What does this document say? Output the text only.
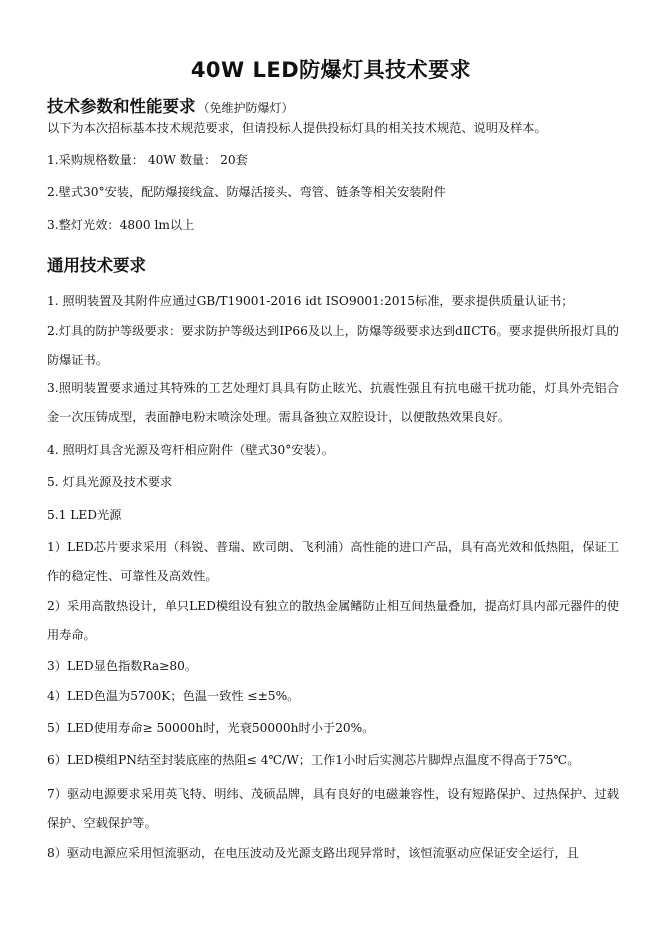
40W LED防爆灯具技术要求
技术参数和性能要求 （免维护防爆灯）
以下为本次招标基本技术规范要求，但请投标人提供投标灯具的相关技术规范、说明及样本。
1.采购规格数量： 40W 数量： 20套
2.壁式30°安装，配防爆接线盒、防爆活接头、弯管、链条等相关安装附件
3.整灯光效：4800 lm以上
通用技术要求
1. 照明装置及其附件应通过GB/T19001-2016 idt ISO9001:2015标准，要求提供质量认证书；
2.灯具的防护等级要求：要求防护等级达到IP66及以上，防爆等级要求达到dⅡCT6。要求提供所报灯具的防爆证书。
3.照明装置要求通过其特殊的工艺处理灯具具有防止眩光、抗震性强且有抗电磁干扰功能，灯具外壳铝合金一次压铸成型，表面静电粉末喷涂处理。需具备独立双腔设计，以便散热效果良好。
4. 照明灯具含光源及弯杆相应附件（壁式30°安装）。
5. 灯具光源及技术要求
5.1 LED光源
1）LED芯片要求采用（科锐、普瑞、欧司朗、飞利浦）高性能的进口产品，具有高光效和低热阻，保证工作的稳定性、可靠性及高效性。
2）采用高散热设计，单只LED模组设有独立的散热金属鳍防止相互间热量叠加，提高灯具内部元器件的使用寿命。
3）LED显色指数Ra≥80。
4）LED色温为5700K；色温一致性 ≤±5%。
5）LED使用寿命≥ 50000h时，光衰50000h时小于20%。
6）LED模组PN结至封装底座的热阻≤ 4℃/W；工作1小时后实测芯片脚焊点温度不得高于75℃。
7）驱动电源要求采用英飞特、明纬、茂硕品牌，具有良好的电磁兼容性，设有短路保护、过热保护、过载保护、空载保护等。
8）驱动电源应采用恒流驱动，在电压波动及光源支路出现异常时，该恒流驱动应保证安全运行，且
